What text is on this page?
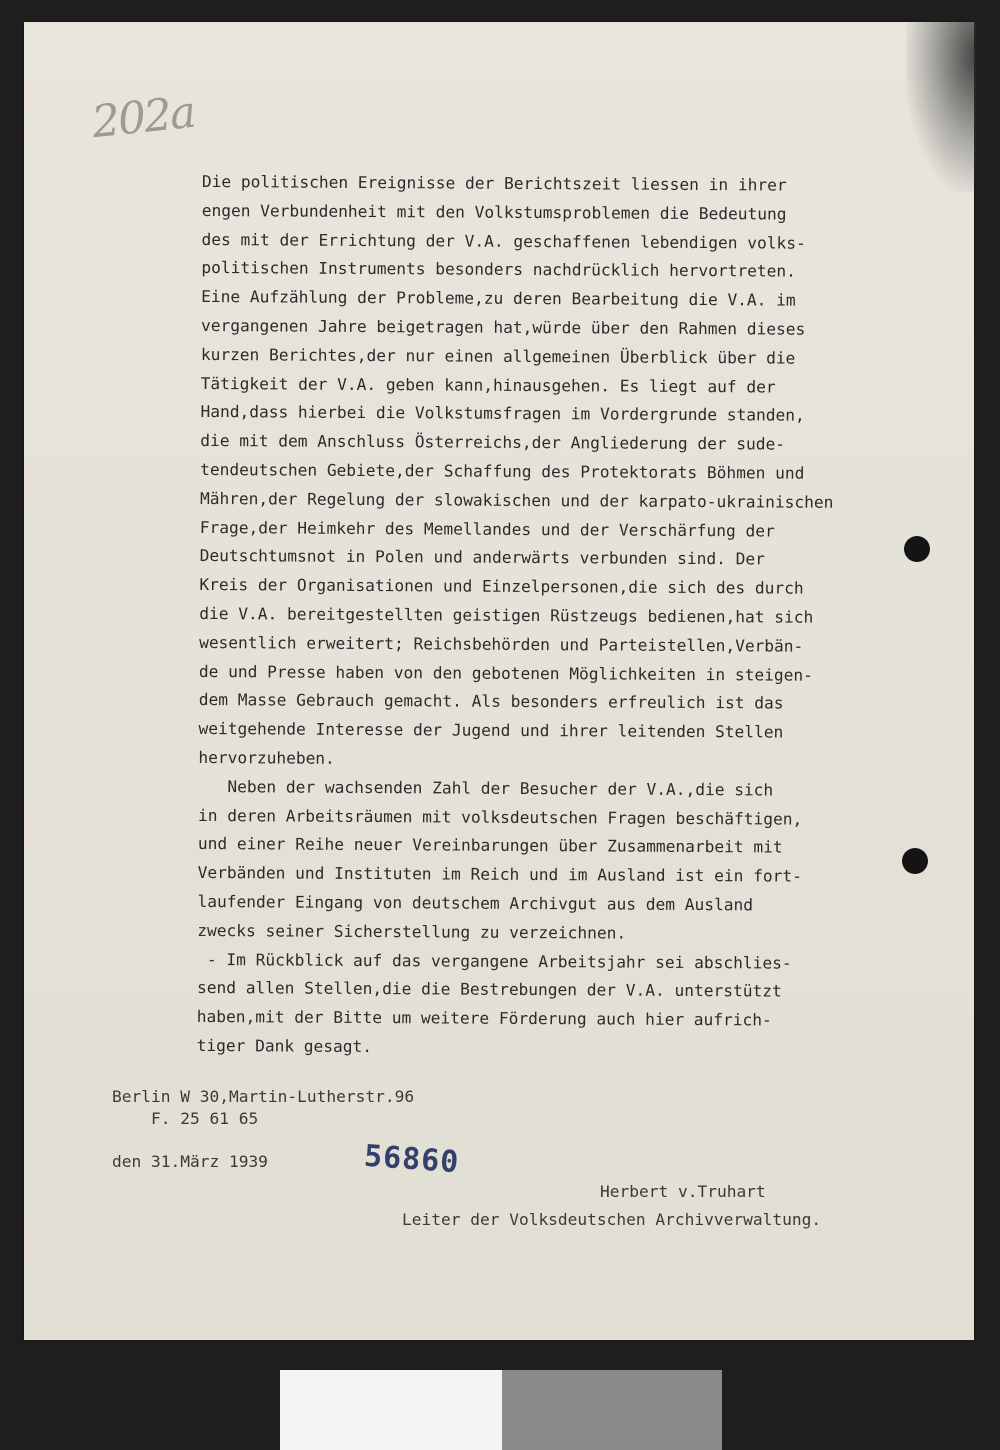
202a
Die politischen Ereignisse der Berichtszeit liessen in ihrer
engen Verbundenheit mit den Volkstumsproblemen die Bedeutung
des mit der Errichtung der V.A. geschaffenen lebendigen volks-
politischen Instruments besonders nachdrücklich hervortreten.
Eine Aufzählung der Probleme,zu deren Bearbeitung die V.A. im
vergangenen Jahre beigetragen hat,würde über den Rahmen dieses
kurzen Berichtes,der nur einen allgemeinen Überblick über die
Tätigkeit der V.A. geben kann,hinausgehen. Es liegt auf der
Hand,dass hierbei die Volkstumsfragen im Vordergrunde standen,
die mit dem Anschluss Österreichs,der Angliederung der sude-
tendeutschen Gebiete,der Schaffung des Protektorats Böhmen und
Mähren,der Regelung der slowakischen und der karpato-ukrainischen
Frage,der Heimkehr des Memellandes und der Verschärfung der
Deutschtumsnot in Polen und anderwärts verbunden sind. Der
Kreis der Organisationen und Einzelpersonen,die sich des durch
die V.A. bereitgestellten geistigen Rüstzeugs bedienen,hat sich
wesentlich erweitert; Reichsbehörden und Parteistellen,Verbän-
de und Presse haben von den gebotenen Möglichkeiten in steigen-
dem Masse Gebrauch gemacht. Als besonders erfreulich ist das
weitgehende Interesse der Jugend und ihrer leitenden Stellen
hervorzuheben.
Neben der wachsenden Zahl der Besucher der V.A.,die sich
in deren Arbeitsräumen mit volksdeutschen Fragen beschäftigen,
und einer Reihe neuer Vereinbarungen über Zusammenarbeit mit
Verbänden und Instituten im Reich und im Ausland ist ein fort-
laufender Eingang von deutschem Archivgut aus dem Ausland
zwecks seiner Sicherstellung zu verzeichnen.
- Im Rückblick auf das vergangene Arbeitsjahr sei abschlies-
send allen Stellen,die die Bestrebungen der V.A. unterstützt
haben,mit der Bitte um weitere Förderung auch hier aufrich-
tiger Dank gesagt.
Berlin W 30,Martin-Lutherstr.96
F. 25 61 65
den 31.März 1939	56860
Herbert v.Truhart
Leiter der Volksdeutschen Archivverwaltung.
